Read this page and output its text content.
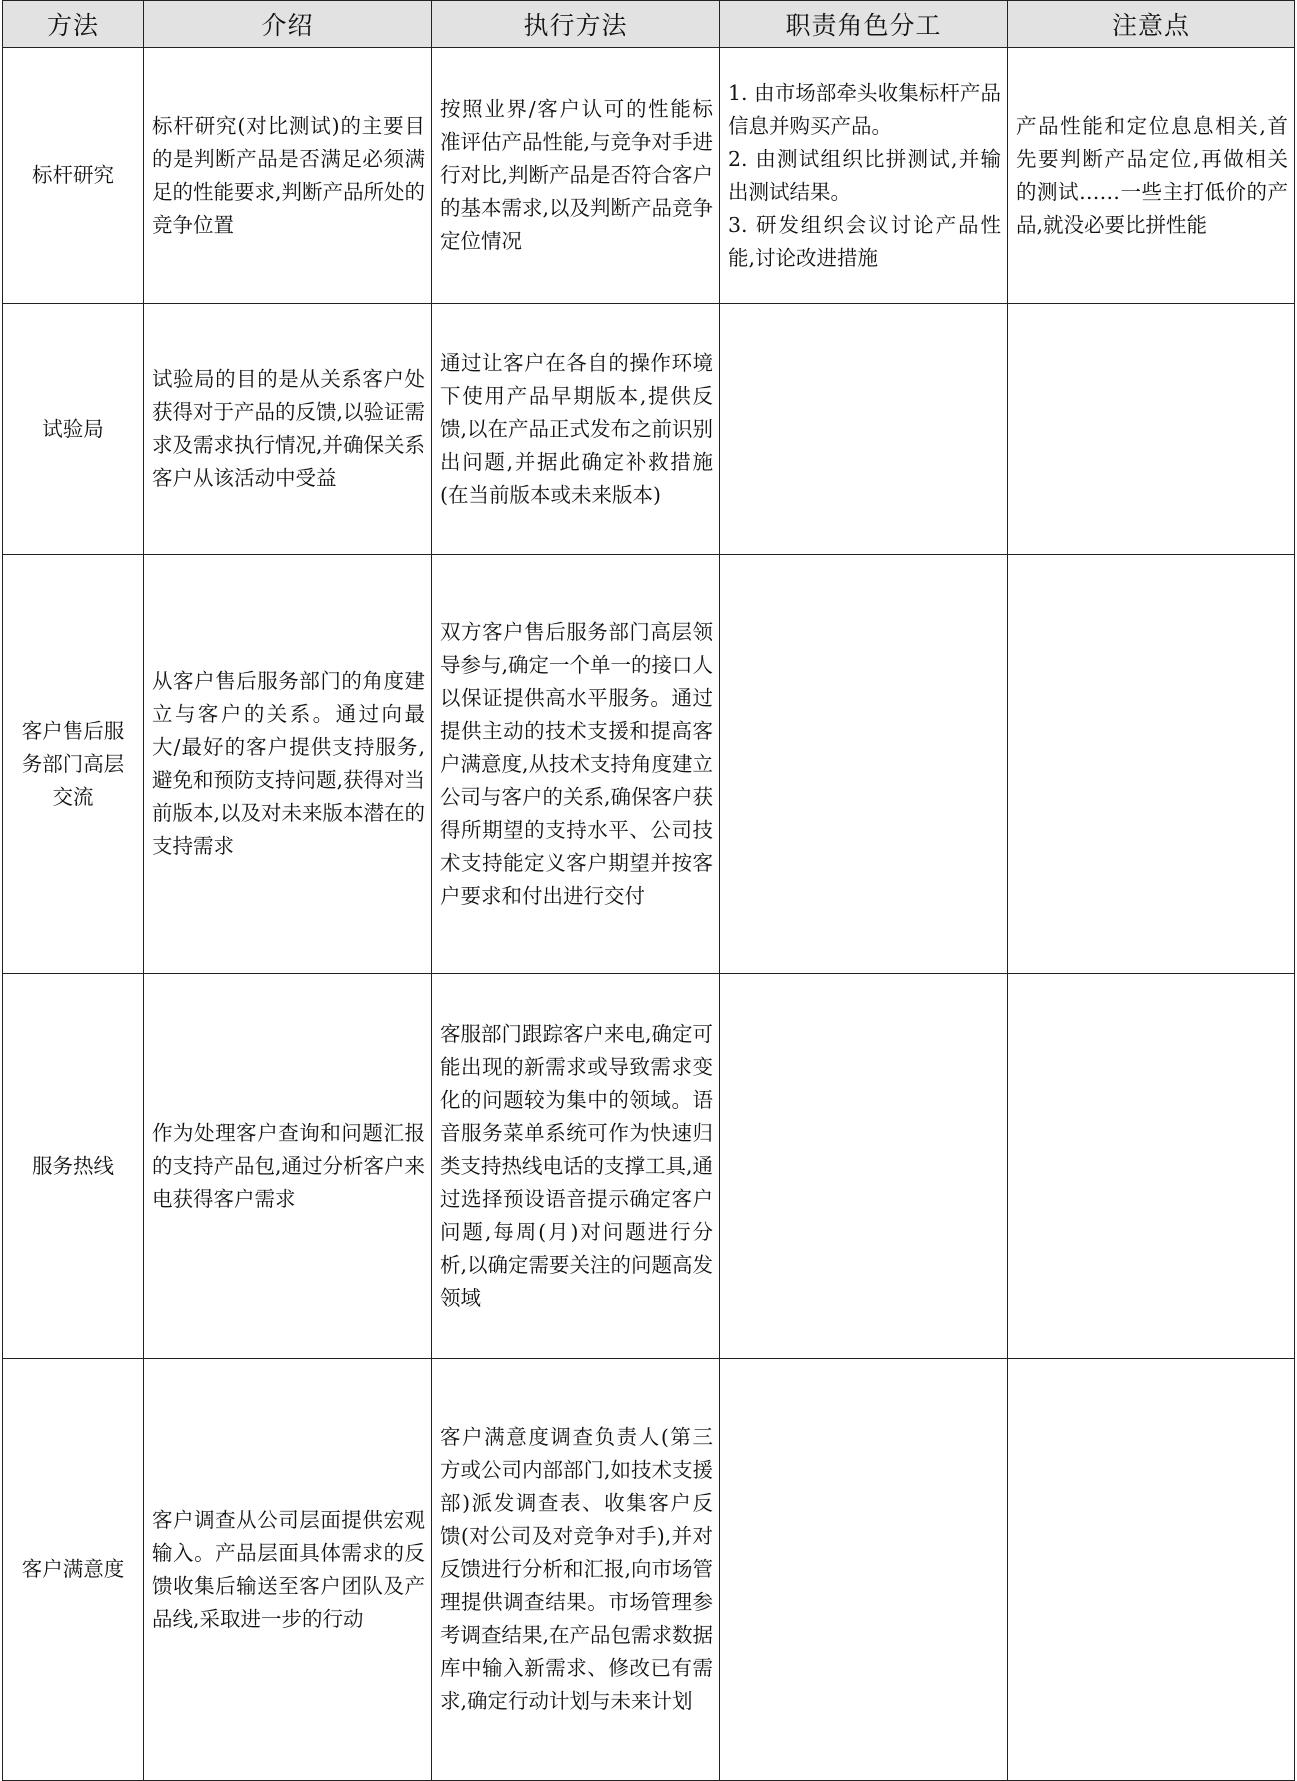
方法	介绍	执行方法	职责角色分工	注意点
标杆研究	标杆研究(对比测试)的主要目的是判断产品是否满足必须满足的性能要求,判断产品所处的竞争位置	按照业界/客户认可的性能标准评估产品性能,与竞争对手进行对比,判断产品是否符合客户的基本需求,以及判断产品竞争定位情况	1. 由市场部牵头收集标杆产品信息并购买产品。
2. 由测试组织比拼测试,并输出测试结果。
3. 研发组织会议讨论产品性能,讨论改进措施	产品性能和定位息息相关,首先要判断产品定位,再做相关的测试……一些主打低价的产品,就没必要比拼性能
试验局	试验局的目的是从关系客户处获得对于产品的反馈,以验证需求及需求执行情况,并确保关系客户从该活动中受益	通过让客户在各自的操作环境下使用产品早期版本,提供反馈,以在产品正式发布之前识别出问题,并据此确定补救措施(在当前版本或未来版本)		
客户售后服务部门高层交流	从客户售后服务部门的角度建立与客户的关系。通过向最大/最好的客户提供支持服务,避免和预防支持问题,获得对当前版本,以及对未来版本潜在的支持需求	双方客户售后服务部门高层领导参与,确定一个单一的接口人以保证提供高水平服务。通过提供主动的技术支援和提高客户满意度,从技术支持角度建立公司与客户的关系,确保客户获得所期望的支持水平、公司技术支持能定义客户期望并按客户要求和付出进行交付		
服务热线	作为处理客户查询和问题汇报的支持产品包,通过分析客户来电获得客户需求	客服部门跟踪客户来电,确定可能出现的新需求或导致需求变化的问题较为集中的领域。语音服务菜单系统可作为快速归类支持热线电话的支撑工具,通过选择预设语音提示确定客户问题,每周(月)对问题进行分析,以确定需要关注的问题高发领域		
客户满意度	客户调查从公司层面提供宏观输入。产品层面具体需求的反馈收集后输送至客户团队及产品线,采取进一步的行动	客户满意度调查负责人(第三方或公司内部部门,如技术支援部)派发调查表、收集客户反馈(对公司及对竞争对手),并对反馈进行分析和汇报,向市场管理提供调查结果。市场管理参考调查结果,在产品包需求数据库中输入新需求、修改已有需求,确定行动计划与未来计划		
